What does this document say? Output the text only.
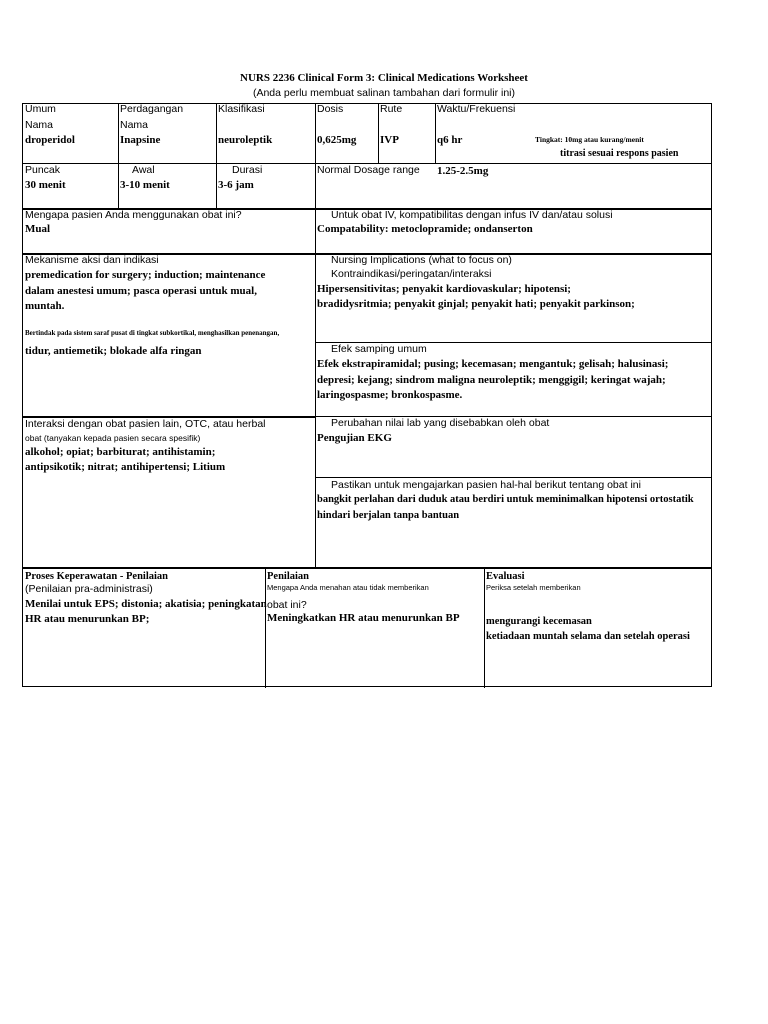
NURS 2236 Clinical Form 3: Clinical Medications Worksheet
(Anda perlu membuat salinan tambahan dari formulir ini)
Umum
Nama
droperidol
Perdagangan
Nama
Inapsine
Klasifikasi
neuroleptik
Dosis
0,625mg
Rute
IVP
Waktu/Frekuensi
q6 hr	Tingkat: 10mg atau kurang/menit
titrasi sesuai respons pasien
Puncak
30 menit
Awal
3-10 menit
Durasi
3-6 jam
Normal Dosage range 1.25-2.5mg
Mengapa pasien Anda menggunakan obat ini?
Mual
Untuk obat IV, kompatibilitas dengan infus IV dan/atau solusi
Compatability: metoclopramide; ondanserton
Mekanisme aksi dan indikasi
premedication for surgery; induction; maintenance
dalam anestesi umum; pasca operasi untuk mual,
muntah.
Bertindak pada sistem saraf pusat di tingkat subkortikal, menghasilkan penenangan,
tidur, antiemetik; blokade alfa ringan
Nursing Implications (what to focus on)
Kontraindikasi/peringatan/interaksi
Hipersensitivitas; penyakit kardiovaskular; hipotensi;
bradidysritmia; penyakit ginjal; penyakit hati; penyakit parkinson;
Efek samping umum
Efek ekstrapiramidal; pusing; kecemasan; mengantuk; gelisah; halusinasi;
depresi; kejang; sindrom maligna neuroleptik; menggigil; keringat wajah;
laringospasme; bronkospasme.
Interaksi dengan obat pasien lain, OTC, atau herbal
obat (tanyakan kepada pasien secara spesifik)
alkohol; opiat; barbiturat; antihistamin;
antipsikotik; nitrat; antihipertensi; Litium
Perubahan nilai lab yang disebabkan oleh obat
Pengujian EKG
Pastikan untuk mengajarkan pasien hal-hal berikut tentang obat ini
bangkit perlahan dari duduk atau berdiri untuk meminimalkan hipotensi ortostatik
hindari berjalan tanpa bantuan
Proses Keperawatan - Penilaian
(Penilaian pra-administrasi)
Menilai untuk EPS; distonia; akatisia; peningkatan
HR atau menurunkan BP;
Penilaian
Mengapa Anda menahan atau tidak memberikan
obat ini?
Meningkatkan HR atau menurunkan BP
Evaluasi
Periksa setelah memberikan
mengurangi kecemasan
ketiadaan muntah selama dan setelah operasi
